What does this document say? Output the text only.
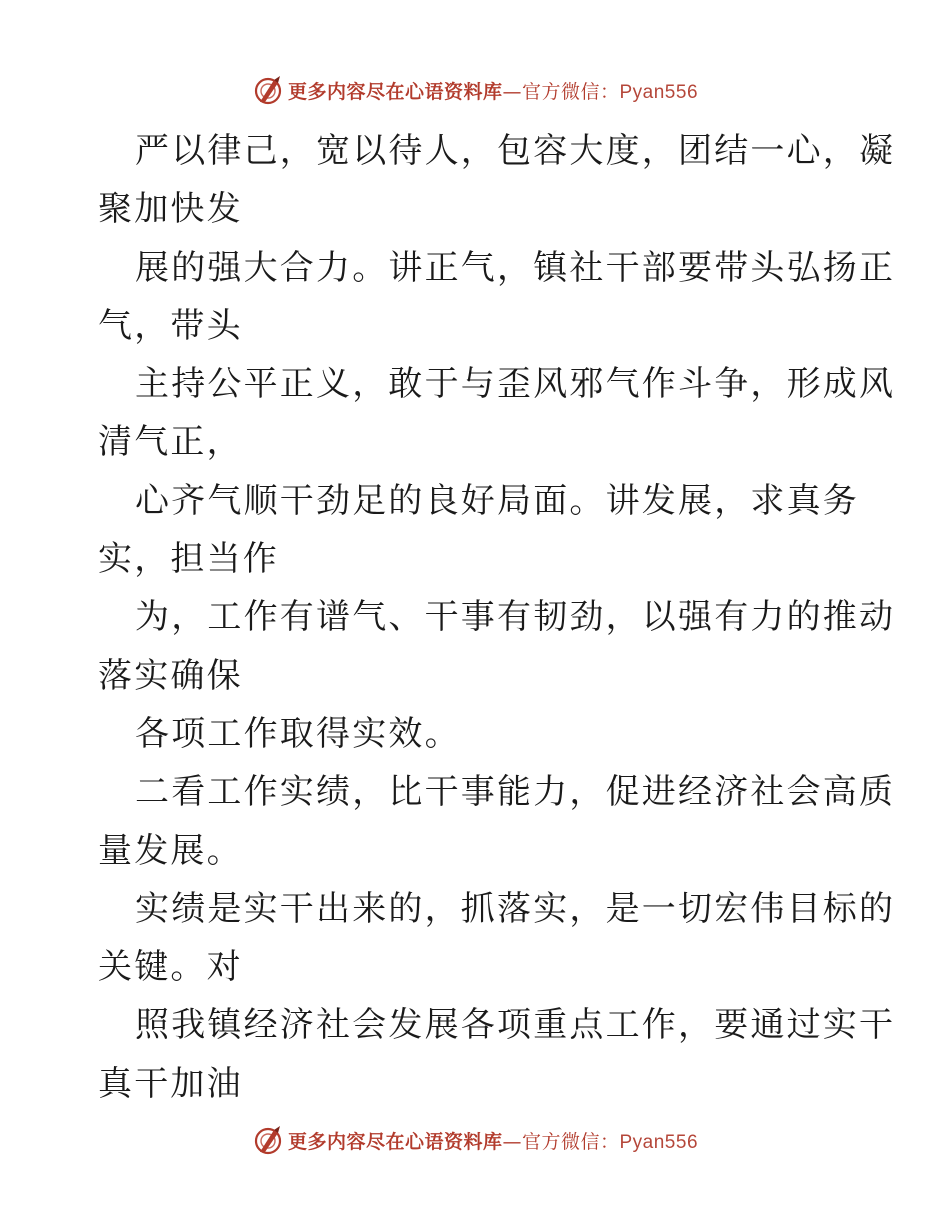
更多内容尽在心语资料库—官方微信：Pyan556
严以律己，宽以待人，包容大度，团结一心，凝
聚加快发
展的强大合力。讲正气，镇社干部要带头弘扬正
气，带头
主持公平正义，敢于与歪风邪气作斗争，形成风
清气正，
心齐气顺干劲足的良好局面。讲发展，求真务
实，担当作
为，工作有谱气、干事有韧劲，以强有力的推动
落实确保
各项工作取得实效。
二看工作实绩，比干事能力，促进经济社会高质
量发展。
实绩是实干出来的，抓落实，是一切宏伟目标的
关键。对
照我镇经济社会发展各项重点工作，要通过实干
真干加油
更多内容尽在心语资料库—官方微信：Pyan556
